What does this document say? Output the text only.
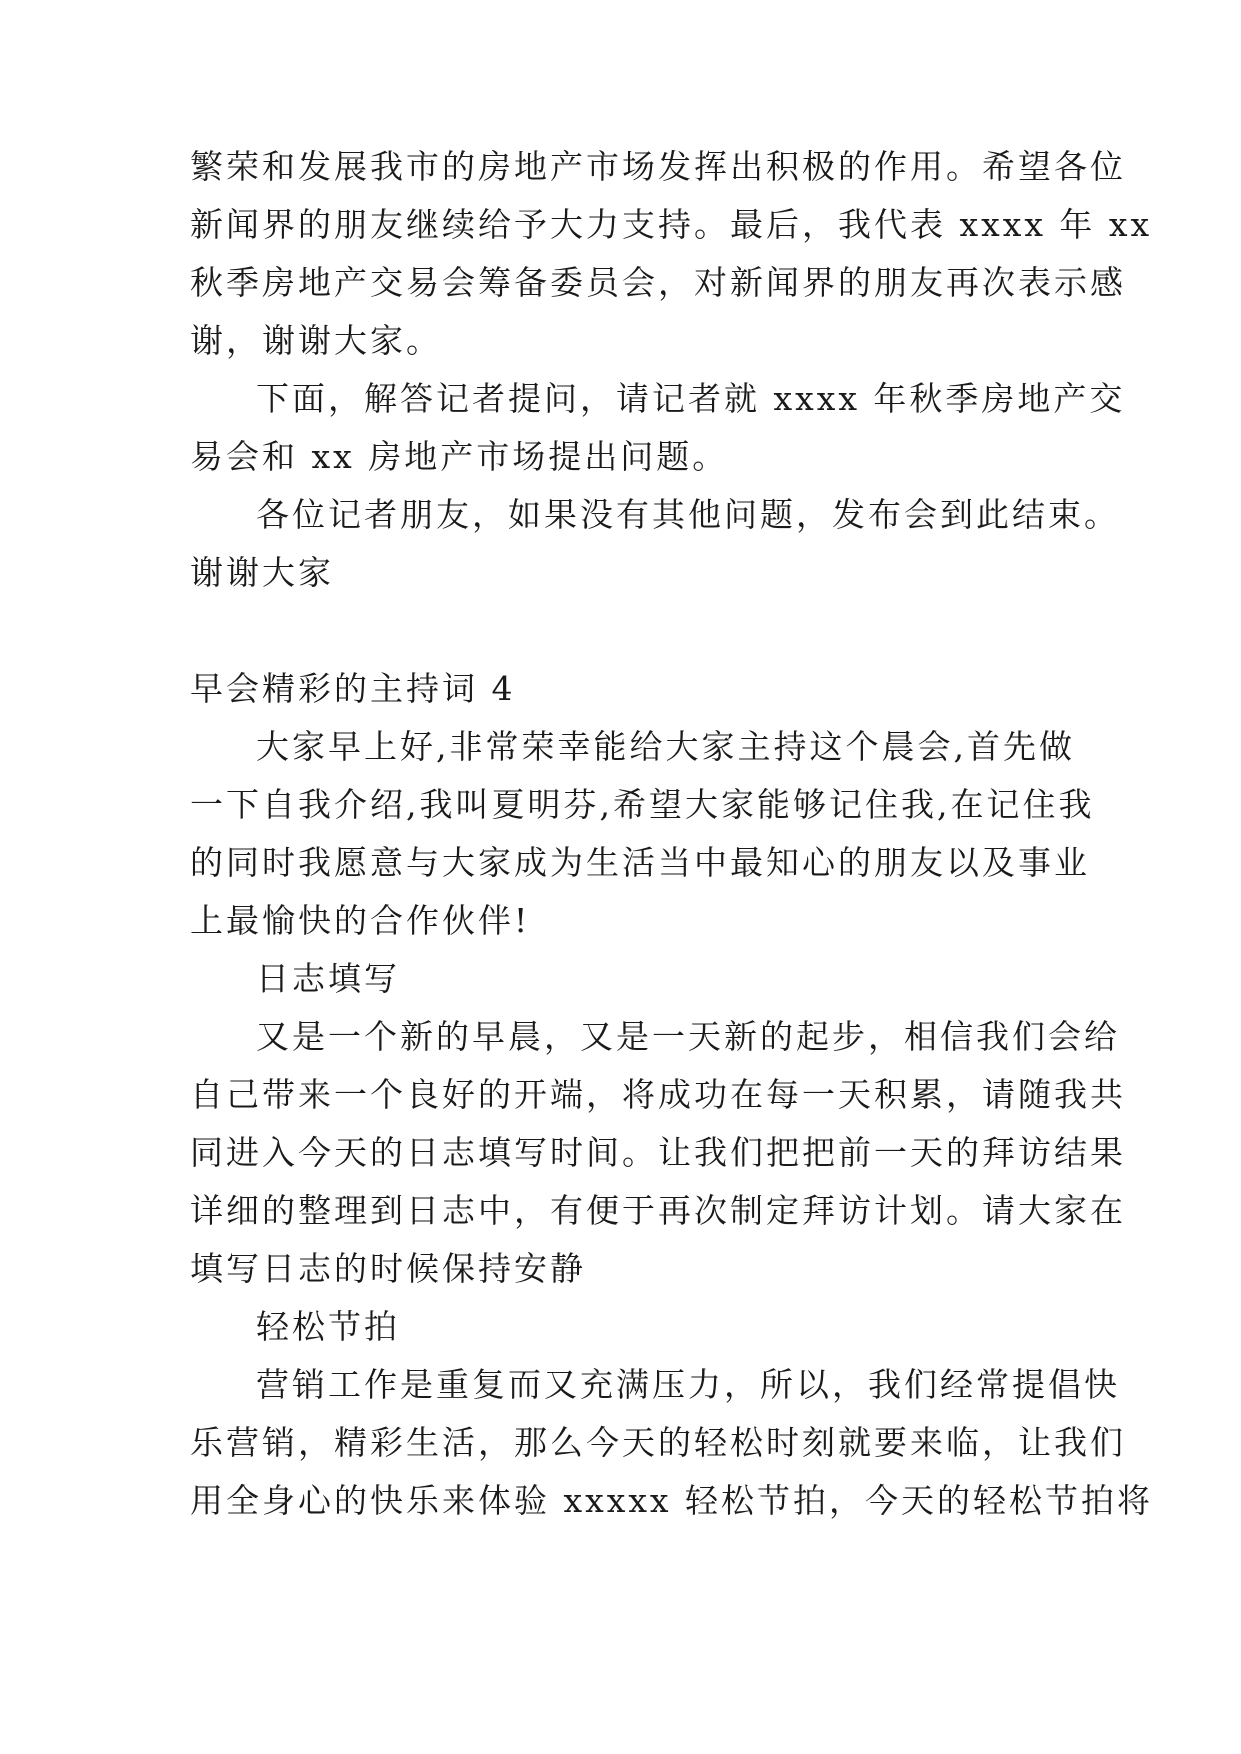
繁荣和发展我市的房地产市场发挥出积极的作用。希望各位
新闻界的朋友继续给予大力支持。最后，我代表 xxxx 年 xx
秋季房地产交易会筹备委员会，对新闻界的朋友再次表示感
谢，谢谢大家。
下面，解答记者提问，请记者就 xxxx 年秋季房地产交
易会和 xx 房地产市场提出问题。
各位记者朋友，如果没有其他问题，发布会到此结束。
谢谢大家
早会精彩的主持词 4
大家早上好,非常荣幸能给大家主持这个晨会,首先做
一下自我介绍,我叫夏明芬,希望大家能够记住我,在记住我
的同时我愿意与大家成为生活当中最知心的朋友以及事业
上最愉快的合作伙伴!
日志填写
又是一个新的早晨，又是一天新的起步，相信我们会给
自己带来一个良好的开端，将成功在每一天积累，请随我共
同进入今天的日志填写时间。让我们把把前一天的拜访结果
详细的整理到日志中，有便于再次制定拜访计划。请大家在
填写日志的时候保持安静
轻松节拍
营销工作是重复而又充满压力，所以，我们经常提倡快
乐营销，精彩生活，那么今天的轻松时刻就要来临，让我们
用全身心的快乐来体验 xxxxx 轻松节拍，今天的轻松节拍将
